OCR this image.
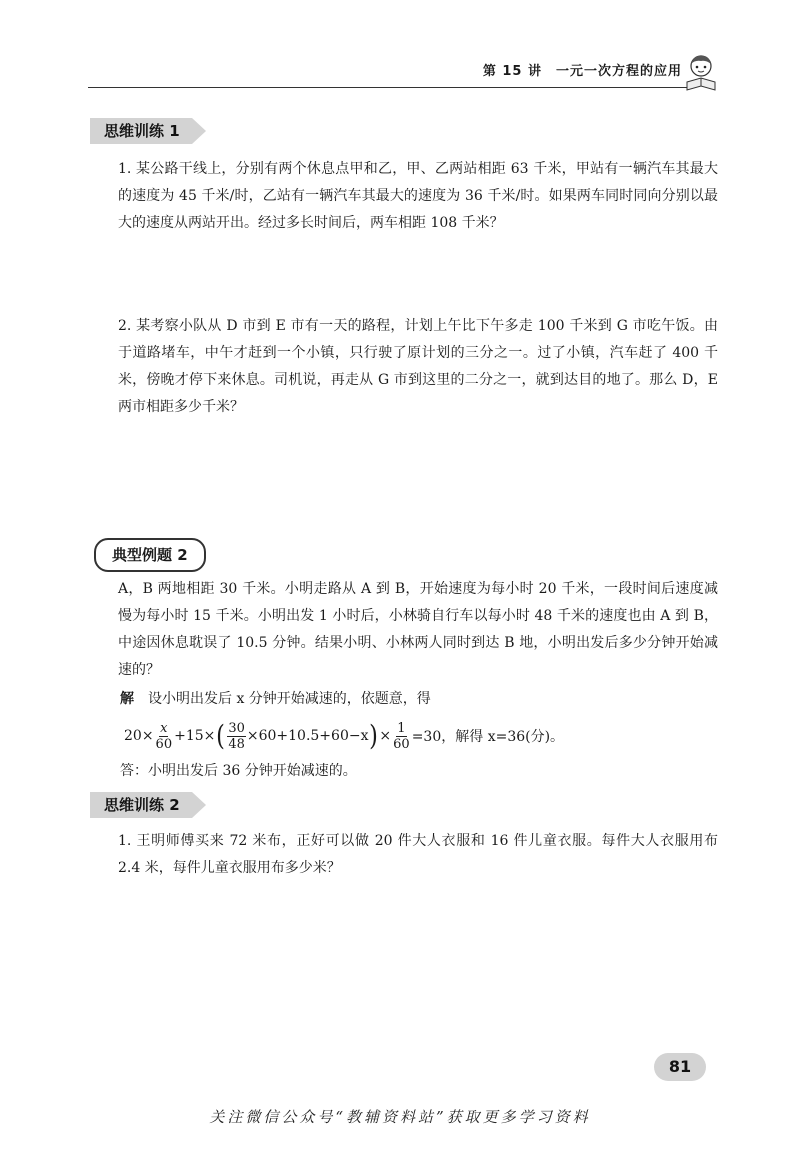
第 15 讲　一元一次方程的应用
思维训练 1
1. 某公路干线上，分别有两个休息点甲和乙，甲、乙两站相距 63 千米，甲站有一辆汽车其最大的速度为 45 千米/时，乙站有一辆汽车其最大的速度为 36 千米/时。如果两车同时同向分别以最大的速度从两站开出。经过多长时间后，两车相距 108 千米？
2. 某考察小队从 D 市到 E 市有一天的路程，计划上午比下午多走 100 千米到 G 市吃午饭。由于道路堵车，中午才赶到一个小镇，只行驶了原计划的三分之一。过了小镇，汽车赶了 400 千米，傍晚才停下来休息。司机说，再走从 G 市到这里的二分之一，就到达目的地了。那么 D，E 两市相距多少千米？
典型例题 2
A，B 两地相距 30 千米。小明走路从 A 到 B，开始速度为每小时 20 千米，一段时间后速度减慢为每小时 15 千米。小明出发 1 小时后，小林骑自行车以每小时 48 千米的速度也由 A 到 B，中途因休息耽误了 10.5 分钟。结果小明、小林两人同时到达 B 地，小明出发后多少分钟开始减速的？
解 设小明出发后 x 分钟开始减速的，依题意，得
$20\times \frac{x}{60} +15\times$ ( $\frac{30}{48} \times 60+10.5+60-x$ ) × $\frac{1}{60} =30$，解得 x=36(分)。
答：小明出发后 36 分钟开始减速的。
思维训练 2
1. 王明师傅买来 72 米布，正好可以做 20 件大人衣服和 16 件儿童衣服。每件大人衣服用布 2.4 米，每件儿童衣服用布多少米？
81
关注微信公众号“教辅资料站”获取更多学习资料
